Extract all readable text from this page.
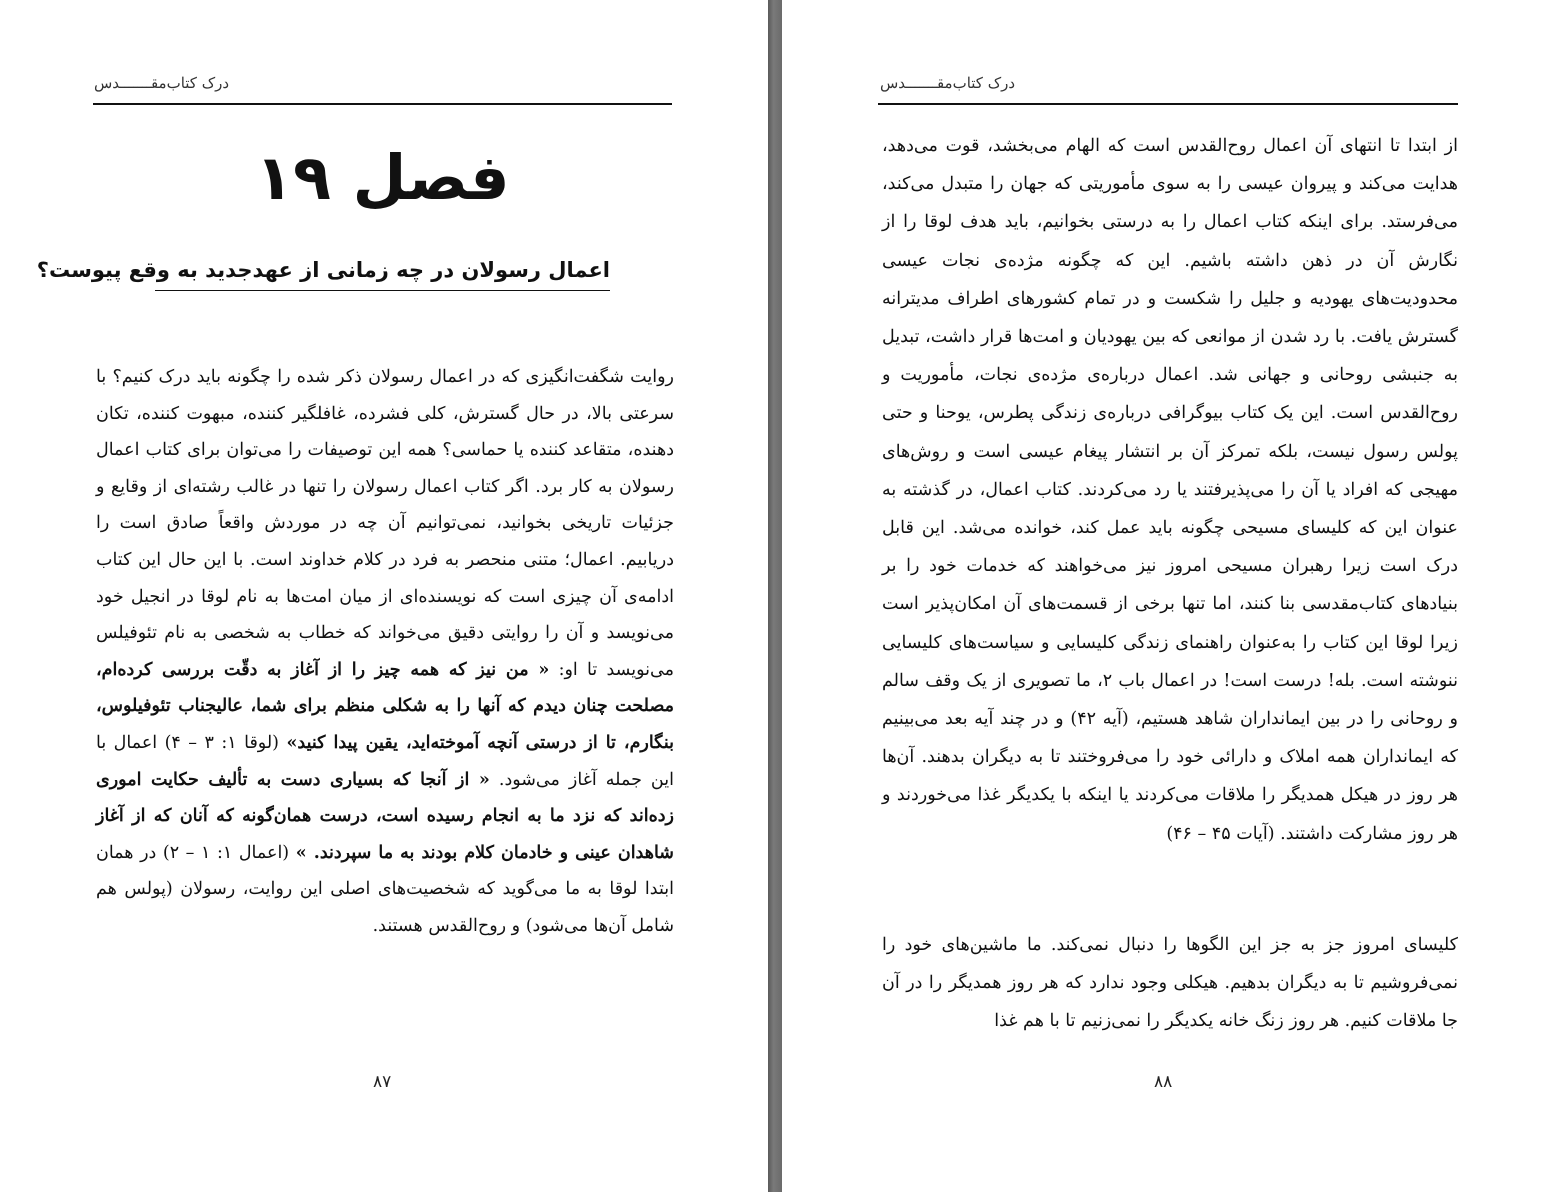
درک کتاب‌مقـــــــدس
فصل ۱۹
اعمال رسولان در چه زمانی از عهدجدید به وقع پیوست؟

روایت شگفت‌انگیزی که در اعمال رسولان ذکر شده را چگونه باید درک کنیم؟ با سرعتی بالا، در حال گسترش، کلی فشرده، غافلگیر کننده، مبهوت کننده، تکان دهنده، متقاعد کننده یا حماسی؟ همه این توصیفات را می‌توان برای کتاب اعمال رسولان به کار برد. اگر کتاب اعمال رسولان را تنها در غالب رشته‌ای از وقایع و جزئیات تاریخی بخوانید، نمی‌توانیم آن چه در موردش واقعاً صادق است را دریابیم. اعمال؛ متنی منحصر به فرد در کلام خداوند است. با این حال این کتاب ادامه‌ی آن چیزی است که نویسنده‌ای از میان امت‌ها به نام لوقا در انجیل خود می‌نویسد و آن را روایتی دقیق می‌خواند که خطاب به شخصی به نام تئوفیلس می‌نویسد تا او: « من نیز که همه چیز را از آغاز به دقّت بررسی کرده‌ام، مصلحت چنان دیدم که آنها را به شکلی منظم برای شما، عالیجناب تئوفیلوس، بنگارم، تا از درستی آنچه آموخته‌اید، یقین پیدا کنید» (لوقا ۱: ۳ – ۴) اعمال با این جمله آغاز می‌شود. « از آنجا که بسیاری دست به تألیف حکایت اموری زده‌اند که نزد ما به انجام رسیده است، درست همان‌گونه که آنان که از آغاز شاهدان عینی و خادمان کلام بودند به ما سپردند. » (اعمال ۱: ۱ – ۲) در همان ابتدا لوقا به ما می‌گوید که شخصیت‌های اصلی این روایت، رسولان (پولس هم شامل آن‌ها می‌شود) و روح‌القدس هستند.

۸۷
درک کتاب‌مقـــــــدس

از ابتدا تا انتهای آن اعمال روح‌القدس است که الهام می‌بخشد، قوت می‌دهد، هدایت می‌کند و پیروان عیسی را به سوی مأموریتی که جهان را متبدل می‌کند، می‌فرستد. برای اینکه کتاب اعمال را به درستی بخوانیم، باید هدف لوقا را از نگارش آن در ذهن داشته باشیم. این که چگونه مژده‌ی نجات عیسی محدودیت‌های یهودیه و جلیل را شکست و در تمام کشورهای اطراف مدیترانه گسترش یافت. با رد شدن از موانعی که بین یهودیان و امت‌ها قرار داشت، تبدیل به جنبشی روحانی و جهانی شد. اعمال درباره‌ی مژده‌ی نجات، مأموریت و روح‌القدس است. این یک کتاب بیوگرافی درباره‌ی زندگی پطرس، یوحنا و حتی پولس رسول نیست، بلکه تمرکز آن بر انتشار پیغام عیسی است و روش‌های مهیجی که افراد یا آن را می‌پذیرفتند یا رد می‌کردند. کتاب اعمال، در گذشته به عنوان این که کلیسای مسیحی چگونه باید عمل کند، خوانده می‌شد. این قابل درک است زیرا رهبران مسیحی امروز نیز می‌خواهند که خدمات خود را بر بنیادهای کتاب‌مقدسی بنا کنند، اما تنها برخی از قسمت‌های آن امکان‌پذیر است زیرا لوقا این کتاب را به‌عنوان راهنمای زندگی کلیسایی و سیاست‌های کلیسایی ننوشته است. بله! درست است! در اعمال باب ۲، ما تصویری از یک وقف سالم و روحانی را در بین ایمانداران شاهد هستیم، (آیه ۴۲) و در چند آیه بعد می‌بینیم که ایمانداران همه املاک و دارائی خود را می‌فروختند تا به دیگران بدهند. آن‌ها هر روز در هیکل همدیگر را ملاقات می‌کردند یا اینکه با یکدیگر غذا می‌خوردند و هر روز مشارکت داشتند. (آیات ۴۵ – ۴۶)

کلیسای امروز جز به جز این الگوها را دنبال نمی‌کند. ما ماشین‌های خود را نمی‌فروشیم تا به دیگران بدهیم. هیکلی وجود ندارد که هر روز همدیگر را در آن جا ملاقات کنیم. هر روز زنگ خانه یکدیگر را نمی‌زنیم تا با هم غذا

۸۸
